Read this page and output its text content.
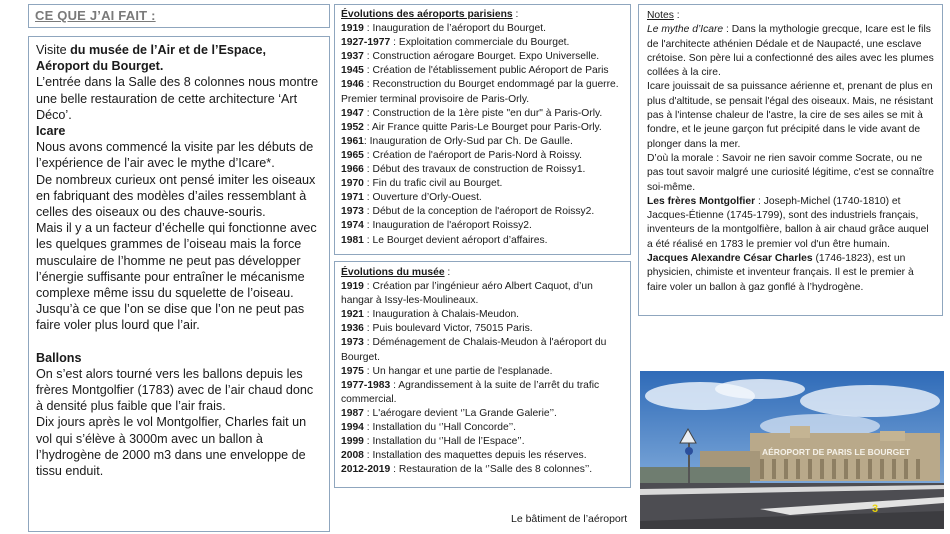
CE QUE J’AI FAIT :

Visite du musée de l’Air et de l’Espace, Aéroport du Bourget.

L’entrée dans la Salle des 8 colonnes nous montre une belle restauration de cette architecture ‘Art Déco’.

Icare

Nous avons commencé la visite par les débuts de l’expérience de l’air avec le mythe d’Icare*.

De nombreux curieux ont pensé imiter les oiseaux en fabriquant des modèles d’ailes ressemblant à celles des oiseaux ou des chauve-souris.

Mais il y a un facteur d’échelle qui fonctionne avec les quelques grammes de l’oiseau mais la force musculaire de l’homme ne peut pas développer l’énergie suffisante pour entraîner le mécanisme complexe même issu du squelette de l’oiseau.

Jusqu’à ce que l’on se dise que l’on ne peut pas faire voler plus lourd que l’air.

Ballons

On s’est alors tourné vers les ballons depuis les frères Montgolfier (1783) avec de l’air chaud donc à densité plus faible que l’air frais.

Dix jours après le vol Montgolfier, Charles fait un vol qui s’élève à 3000m avec un ballon à l’hydrogène de 2000 m3 dans une enveloppe de tissu enduit.

Évolutions des aéroports parisiens :
1919 : Inauguration de l’aéroport du Bourget.
1927-1977 : Exploitation commerciale du Bourget.
1937 : Construction aérogare Bourget. Expo Universelle.
1945 : Création de l'établissement public Aéroport de Paris
1946 : Reconstruction du Bourget endommagé par la guerre. Premier terminal provisoire de Paris-Orly.
1947 : Construction de la 1ère piste "en dur" à Paris-Orly.
1952 : Air France quitte Paris-Le Bourget pour Paris-Orly.
1961: Inauguration de Orly-Sud par Ch. De Gaulle.
1965 : Création de l'aéroport de Paris-Nord à Roissy.
1966 : Début des travaux de construction de Roissy1.
1970 : Fin du trafic civil au Bourget.
1971 : Ouverture d’Orly-Ouest.
1973 : Début de la conception de l'aéroport de Roissy2.
1974 : Inauguration de l'aéroport Roissy2.
1981 : Le Bourget devient aéroport d’affaires.
Évolutions du musée :
1919 : Création par l’ingénieur aéro Albert Caquot, d’un hangar à Issy-les-Moulineaux.
1921 : Inauguration à Chalais-Meudon.
1936 : Puis boulevard Victor, 75015 Paris.
1973 : Déménagement de Chalais-Meudon à l'aéroport du Bourget.
1975 : Un hangar et une partie de l'esplanade.
1977-1983 : Agrandissement à la suite de l’arrêt du trafic commercial.
1987 : L'aérogare devient ‘’La Grande Galerie’’.
1994 : Installation du ‘’Hall Concorde’’.
1999 : Installation du ‘’Hall de l’Espace’’.
2008 : Installation des maquettes depuis les réserves.
2012-2019 : Restauration de la ‘’Salle des 8 colonnes’’.

Notes :

Le mythe d’Icare : Dans la mythologie grecque, Icare est le fils de l'architecte athénien Dédale et de Naupacté, une esclave crétoise. Son père lui a confectionné des ailes avec les plumes collées à la cire.

Icare jouissait de sa puissance aérienne et, prenant de plus en plus d'altitude, se pensait l'égal des oiseaux. Mais, ne résistant pas à l'intense chaleur de l'astre, la cire de ses ailes se mit à fondre, et le jeune garçon fut précipité dans le vide avant de plonger dans la mer.

D’où la morale : Savoir ne rien savoir comme Socrate, ou ne pas tout savoir malgré une curiosité légitime, c'est se connaître soi-même.

Les frères Montgolfier : Joseph-Michel (1740-1810) et Jacques-Étienne (1745-1799), sont des industriels français, inventeurs de la montgolfière, ballon à air chaud grâce auquel a été réalisé en 1783 le premier vol d'un être humain.

Jacques Alexandre César Charles (1746-1823), est un physicien, chimiste et inventeur français. Il est le premier à faire voler un ballon à gaz gonflé à l’hydrogène.

AÉROPORT DE PARIS LE BOURGET
Le bâtiment de l’aéroport
3
